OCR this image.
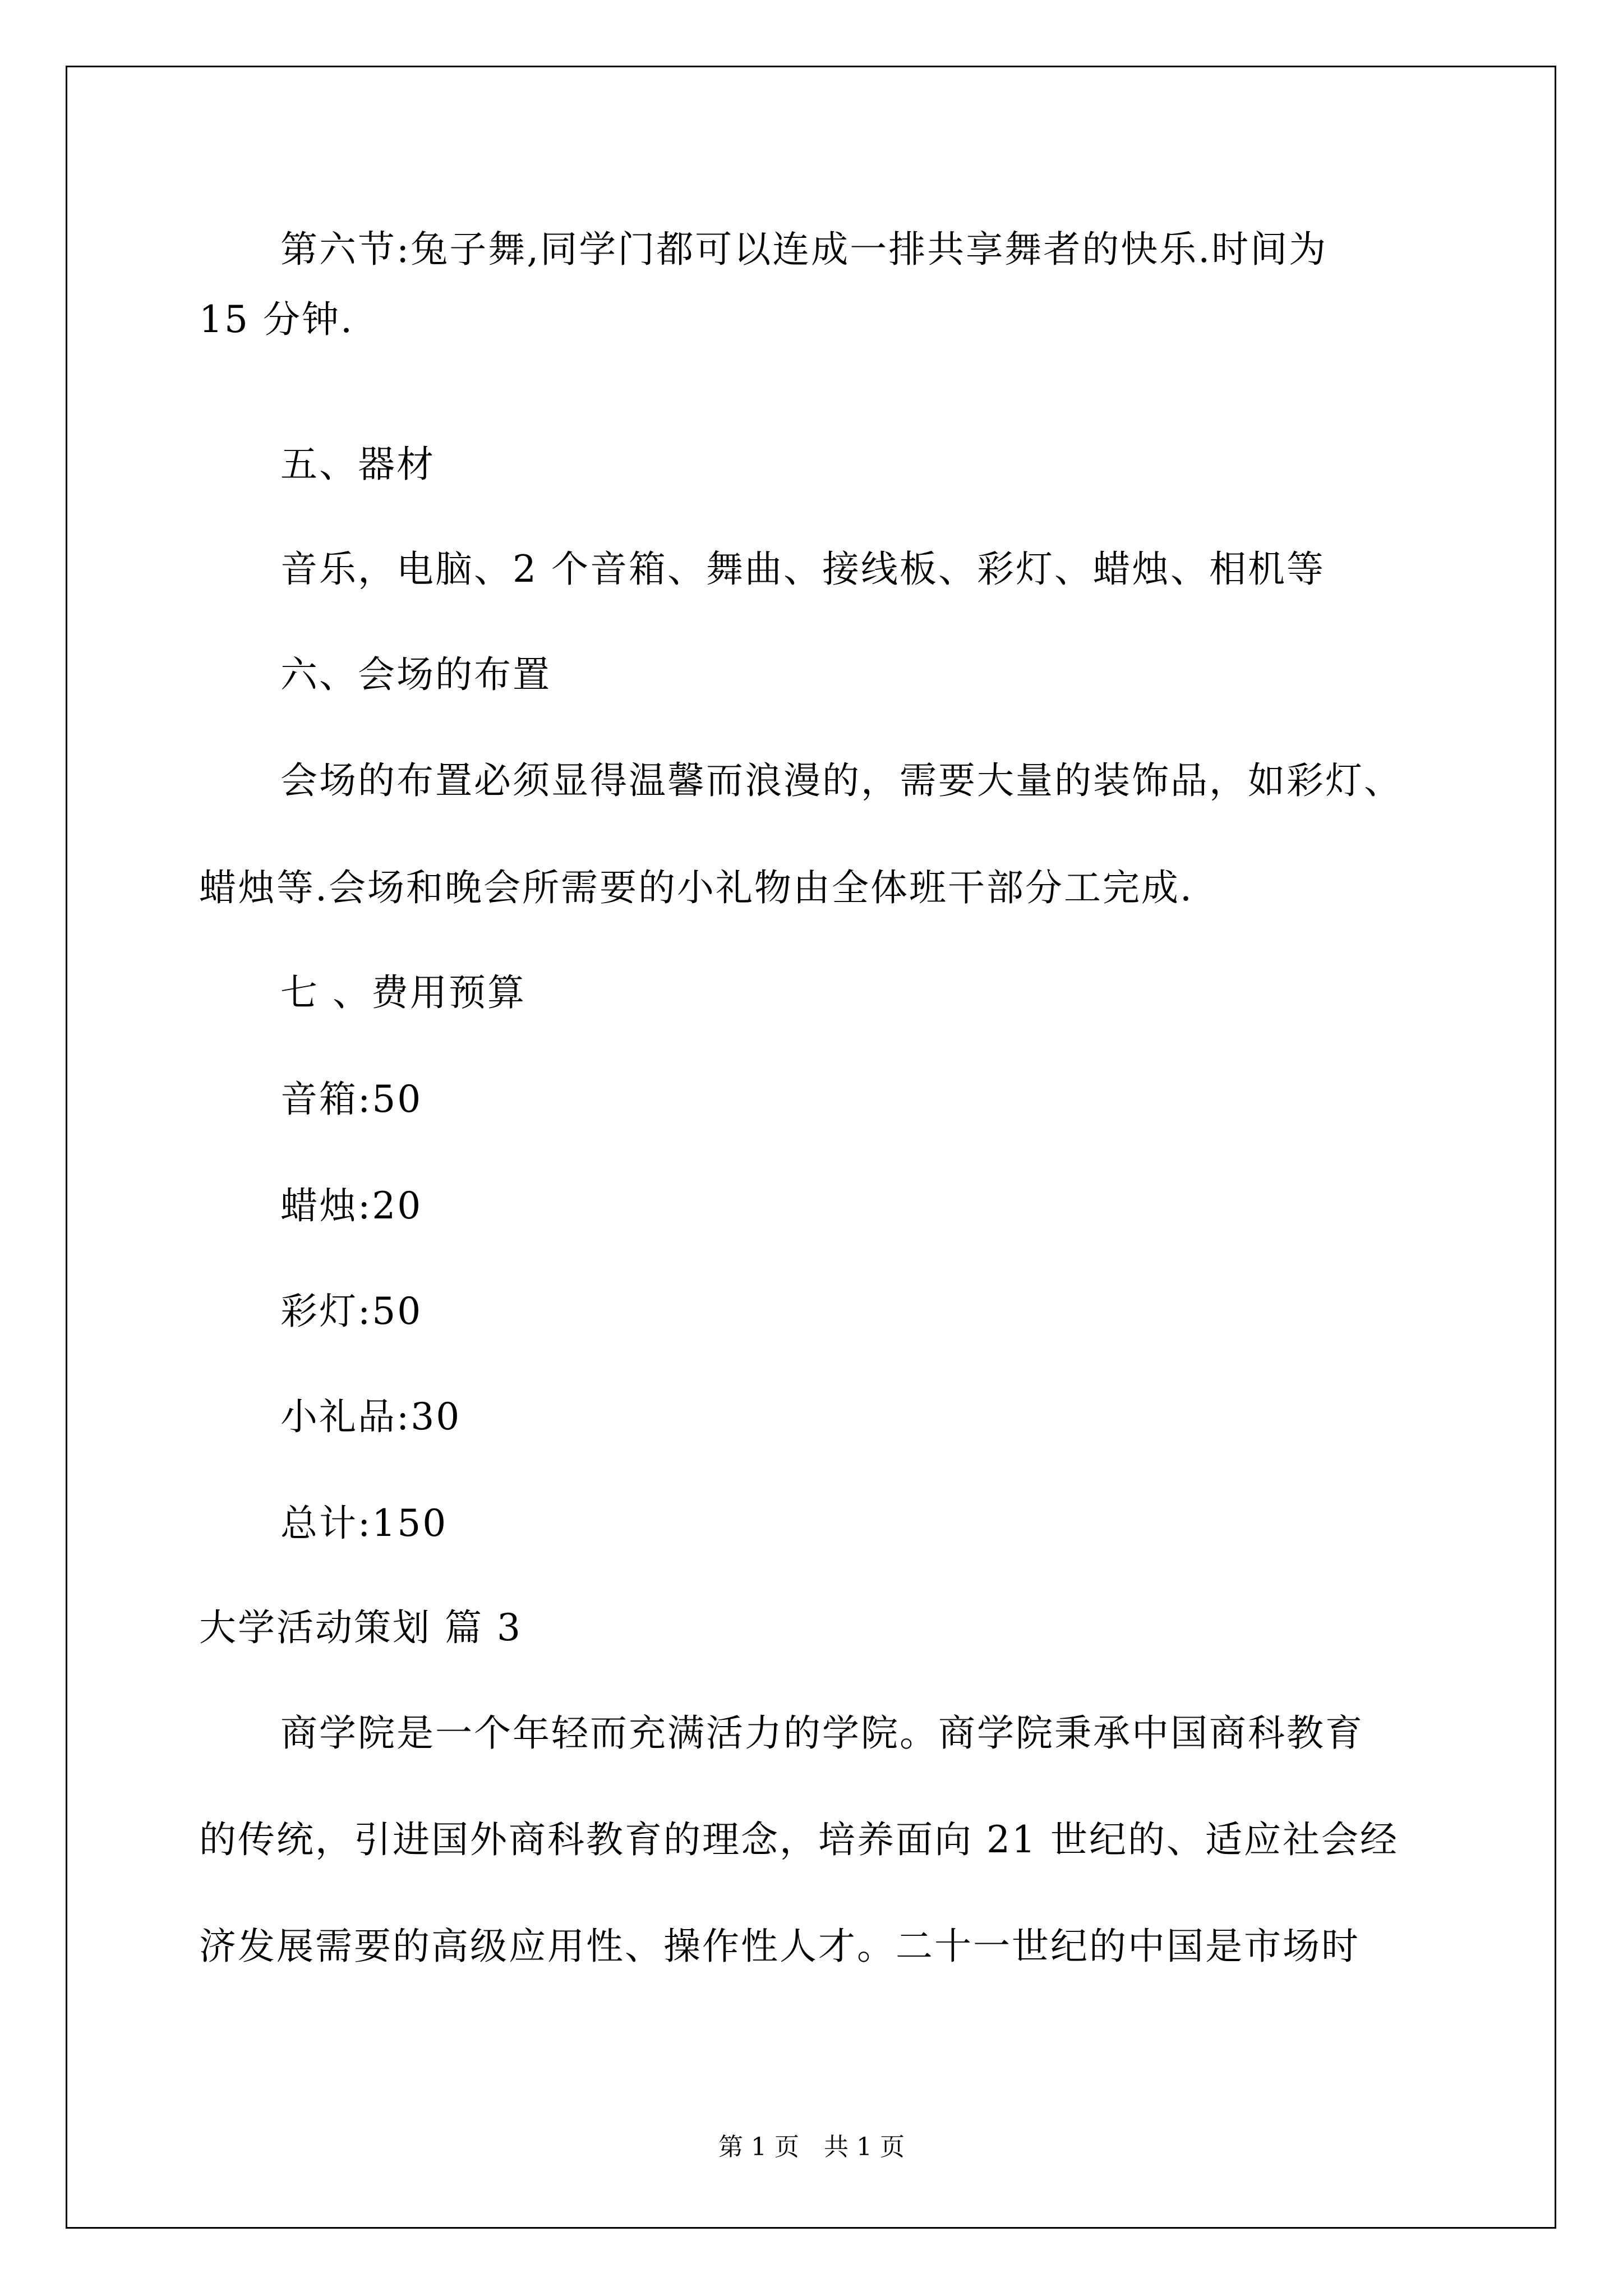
第六节:兔子舞,同学门都可以连成一排共享舞者的快乐.时间为

15 分钟.

五、器材

音乐，电脑、2 个音箱、舞曲、接线板、彩灯、蜡烛、相机等

六、会场的布置

会场的布置必须显得温馨而浪漫的，需要大量的装饰品，如彩灯、

蜡烛等.会场和晚会所需要的小礼物由全体班干部分工完成.

七 、费用预算

音箱:50

蜡烛:20

彩灯:50

小礼品:30

总计:150

大学活动策划 篇 3

商学院是一个年轻而充满活力的学院。商学院秉承中国商科教育

的传统，引进国外商科教育的理念，培养面向 21 世纪的、适应社会经

济发展需要的高级应用性、操作性人才。二十一世纪的中国是市场时

第 1 页　共 1 页
